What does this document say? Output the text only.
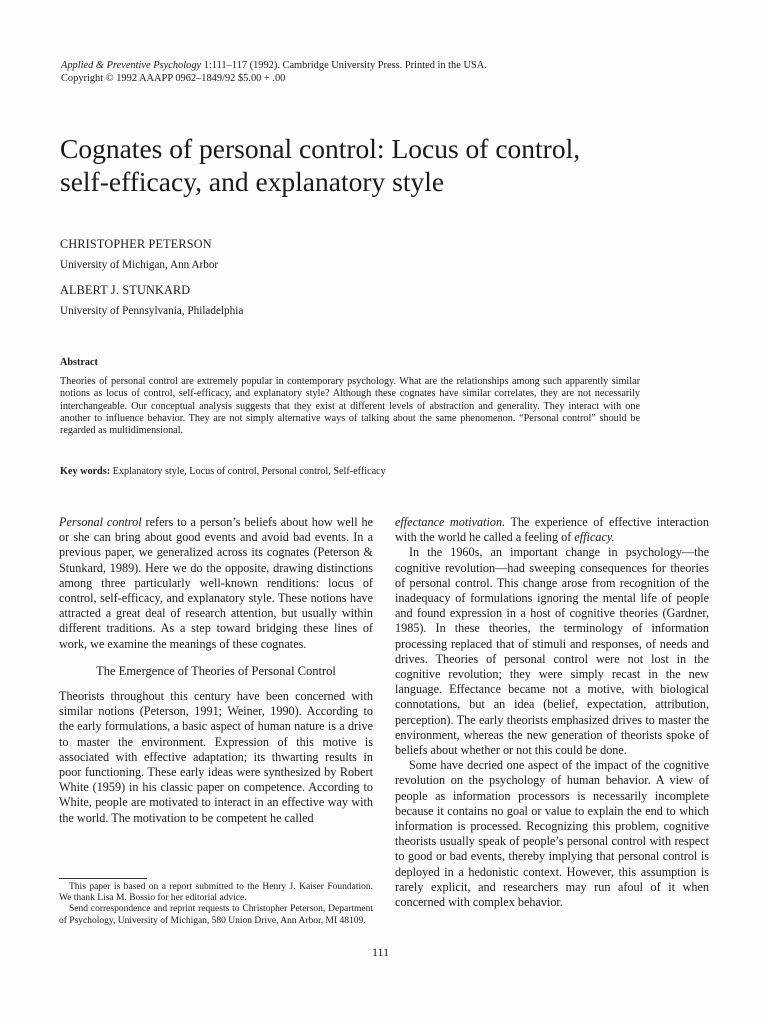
Applied & Preventive Psychology 1:111–117 (1992). Cambridge University Press. Printed in the USA.
Copyright © 1992 AAAPP 0962–1849/92 $5.00 + .00
Cognates of personal control: Locus of control,
self-efficacy, and explanatory style
CHRISTOPHER PETERSON
University of Michigan, Ann Arbor
ALBERT J. STUNKARD
University of Pennsylvania, Philadelphia
Abstract
Theories of personal control are extremely popular in contemporary psychology. What are the relationships among such apparently similar notions as locus of control, self-efficacy, and explanatory style? Although these cognates have similar correlates, they are not necessarily interchangeable. Our conceptual analysis suggests that they exist at different levels of abstraction and generality. They interact with one another to influence behavior. They are not simply alternative ways of talking about the same phenomenon. “Personal control” should be regarded as multidimensional.
Key words: Explanatory style, Locus of control, Personal control, Self-efficacy

Personal control refers to a person’s beliefs about how well he or she can bring about good events and avoid bad events. In a previous paper, we generalized across its cognates (Peterson & Stunkard, 1989). Here we do the opposite, drawing distinctions among three particularly well-known renditions: locus of control, self-efficacy, and explanatory style. These notions have attracted a great deal of research attention, but usually within different traditions. As a step toward bridging these lines of work, we examine the meanings of these cognates.

The Emergence of Theories of Personal Control

Theorists throughout this century have been concerned with similar notions (Peterson, 1991; Weiner, 1990). According to the early formulations, a basic aspect of human nature is a drive to master the environment. Expression of this motive is associated with effective adaptation; its thwarting results in poor functioning. These early ideas were synthesized by Robert White (1959) in his classic paper on competence. According to White, people are motivated to interact in an effective way with the world. The motivation to be competent he called

This paper is based on a report submitted to the Henry J. Kaiser Foundation. We thank Lisa M. Bossio for her editorial advice.

Send correspondence and reprint requests to Christopher Peterson, Department of Psychology, University of Michigan, 580 Union Drive, Ann Arbor, MI 48109.

effectance motivation. The experience of effective interaction with the world he called a feeling of efficacy.

In the 1960s, an important change in psychology—the cognitive revolution—had sweeping consequences for theories of personal control. This change arose from recognition of the inadequacy of formulations ignoring the mental life of people and found expression in a host of cognitive theories (Gardner, 1985). In these theories, the terminology of information processing replaced that of stimuli and responses, of needs and drives. Theories of personal control were not lost in the cognitive revolution; they were simply recast in the new language. Effectance became not a motive, with biological connotations, but an idea (belief, expectation, attribution, perception). The early theorists emphasized drives to master the environment, whereas the new generation of theorists spoke of beliefs about whether or not this could be done.

Some have decried one aspect of the impact of the cognitive revolution on the psychology of human behavior. A view of people as information processors is necessarily incomplete because it contains no goal or value to explain the end to which information is processed. Recognizing this problem, cognitive theorists usually speak of people’s personal control with respect to good or bad events, thereby implying that personal control is deployed in a hedonistic context. However, this assumption is rarely explicit, and researchers may run afoul of it when concerned with complex behavior.

111
